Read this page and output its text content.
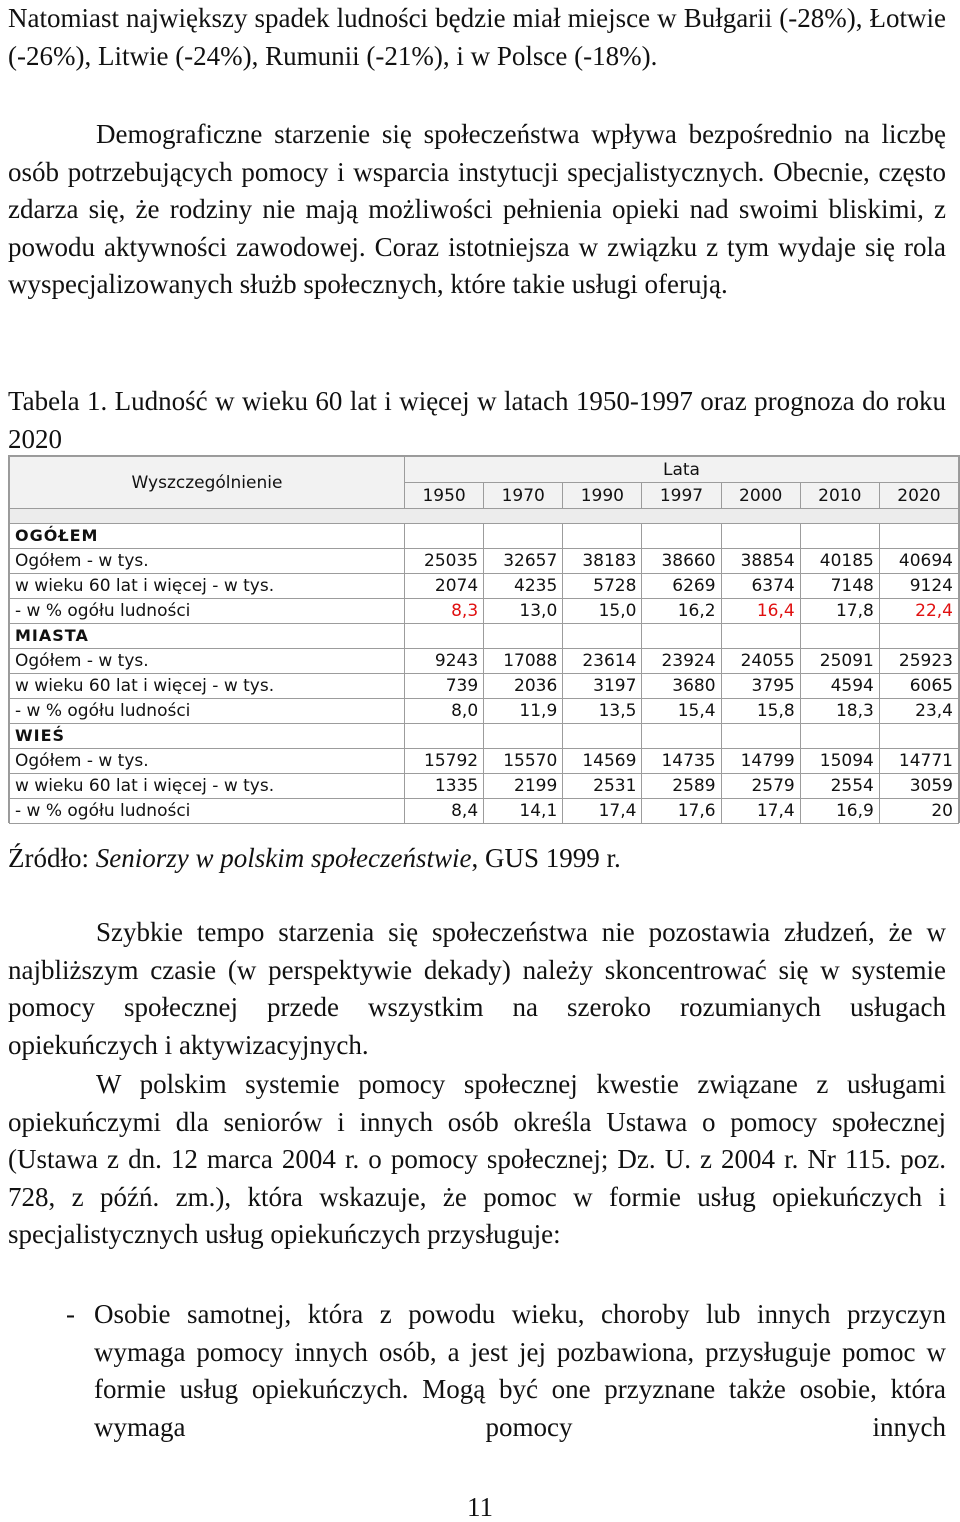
Natomiast największy spadek ludności będzie miał miejsce w Bułgarii (-28%), Łotwie (-26%), Litwie (-24%), Rumunii (-21%), i w Polsce (-18%).

Demograficzne starzenie się społeczeństwa wpływa bezpośrednio na liczbę osób potrzebujących pomocy i wsparcia instytucji specjalistycznych. Obecnie, często zdarza się, że rodziny nie mają możliwości pełnienia opieki nad swoimi bliskimi, z powodu aktywności zawodowej. Coraz istotniejsza w związku z tym wydaje się rola wyspecjalizowanych służb społecznych, które takie usługi oferują.

Tabela 1. Ludność w wieku 60 lat i więcej w latach 1950-1997 oraz prognoza do roku 2020

Wyszczególnienie	Lata						
	1950	1970	1990	1997	2000	2010	2020

OGÓŁEM							
Ogółem - w tys.	25035	32657	38183	38660	38854	40185	40694
w wieku 60 lat i więcej - w tys.	2074	4235	5728	6269	6374	7148	9124
- w % ogółu ludności	8,3	13,0	15,0	16,2	16,4	17,8	22,4
MIASTA							
Ogółem - w tys.	9243	17088	23614	23924	24055	25091	25923
w wieku 60 lat i więcej - w tys.	739	2036	3197	3680	3795	4594	6065
- w % ogółu ludności	8,0	11,9	13,5	15,4	15,8	18,3	23,4
WIEŚ							
Ogółem - w tys.	15792	15570	14569	14735	14799	15094	14771
w wieku 60 lat i więcej - w tys.	1335	2199	2531	2589	2579	2554	3059
- w % ogółu ludności	8,4	14,1	17,4	17,6	17,4	16,9	20

Źródło: Seniorzy w polskim społeczeństwie, GUS 1999 r.

Szybkie tempo starzenia się społeczeństwa nie pozostawia złudzeń, że w najbliższym czasie (w perspektywie dekady) należy skoncentrować się w systemie pomocy społecznej przede wszystkim na szeroko rozumianych usługach opiekuńczych i aktywizacyjnych.

W polskim systemie pomocy społecznej kwestie związane z usługami opiekuńczymi dla seniorów i innych osób określa Ustawa o pomocy społecznej (Ustawa z dn. 12 marca 2004 r. o pomocy społecznej; Dz. U. z 2004 r. Nr 115. poz. 728, z późń. zm.), która wskazuje, że pomoc w formie usług opiekuńczych i specjalistycznych usług opiekuńczych przysługuje:

- Osobie samotnej, która z powodu wieku, choroby lub innych przyczyn wymaga pomocy innych osób, a jest jej pozbawiona, przysługuje pomoc w formie usług opiekuńczych. Mogą być one przyznane także osobie, która wymaga pomocy innych
11
